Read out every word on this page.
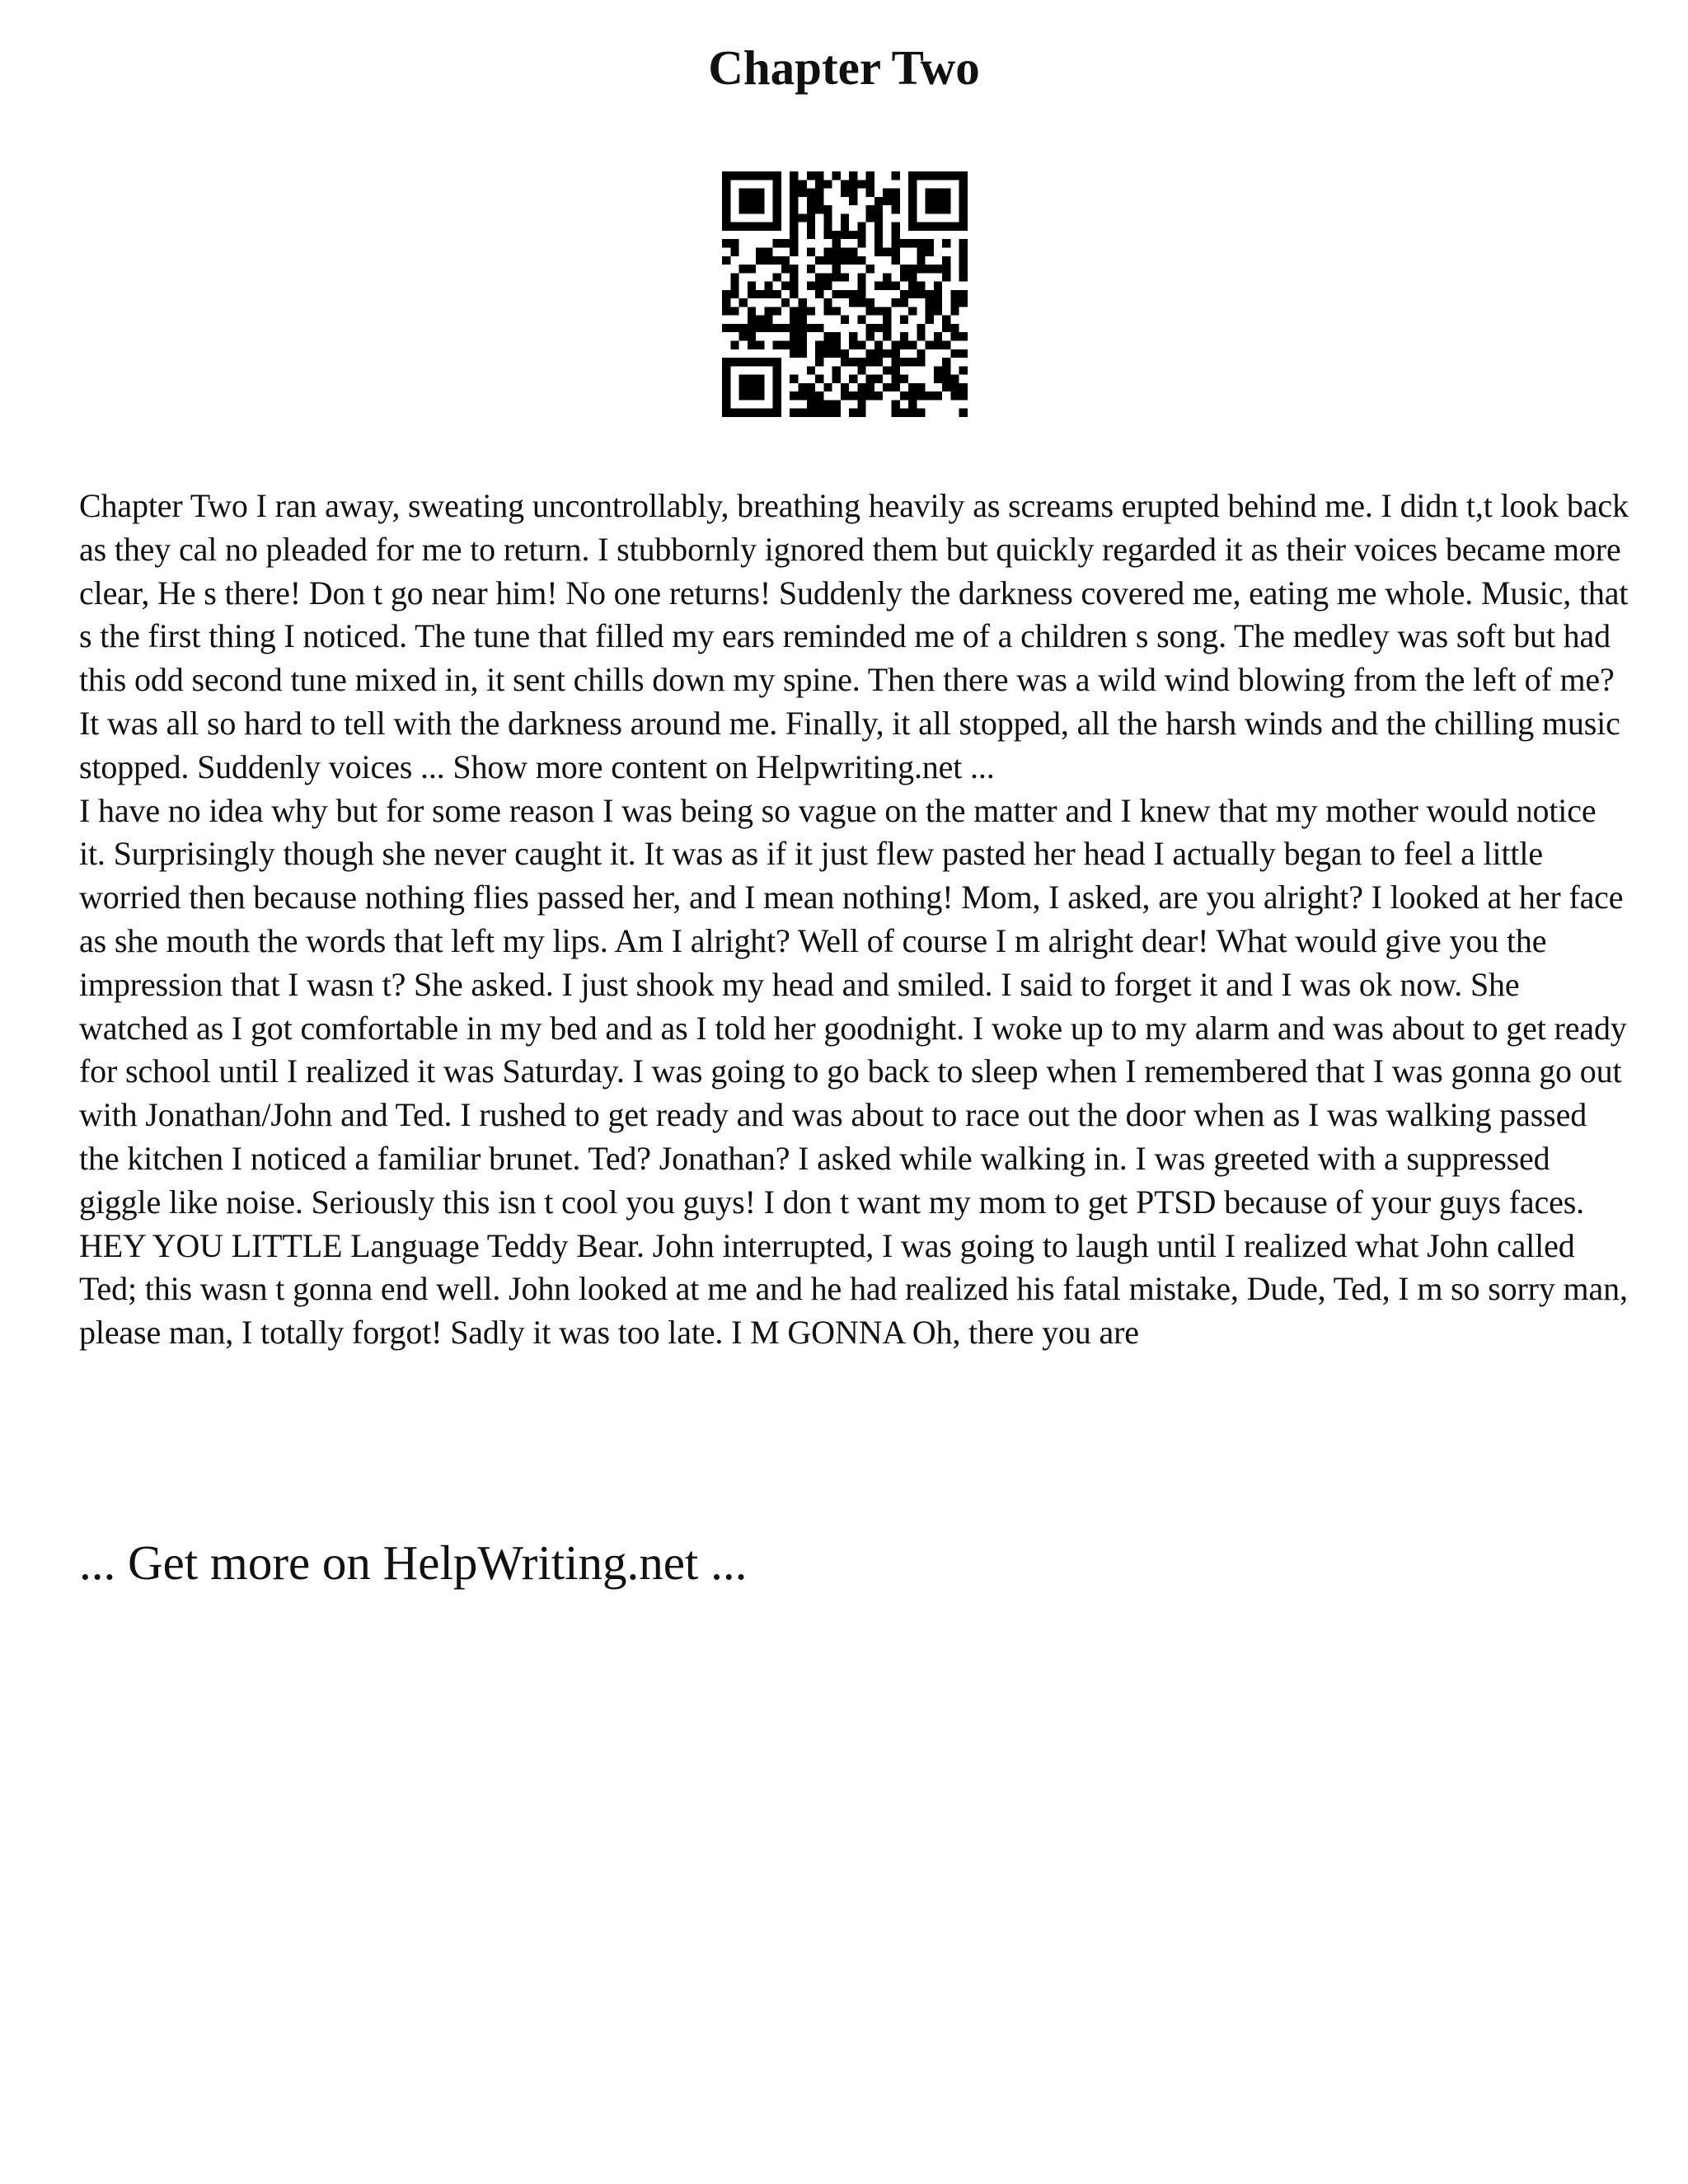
Chapter Two

Chapter Two I ran away, sweating uncontrollably, breathing heavily as screams erupted behind me. I didn t,t look back as they cal no pleaded for me to return. I stubbornly ignored them but quickly regarded it as their voices became more clear, He s there! Don t go near him! No one returns! Suddenly the darkness covered me, eating me whole. Music, that s the first thing I noticed. The tune that filled my ears reminded me of a children s song. The medley was soft but had this odd second tune mixed in, it sent chills down my spine. Then there was a wild wind blowing from the left of me? It was all so hard to tell with the darkness around me. Finally, it all stopped, all the harsh winds and the chilling music stopped. Suddenly voices ... Show more content on Helpwriting.net ...

I have no idea why but for some reason I was being so vague on the matter and I knew that my mother would notice it. Surprisingly though she never caught it. It was as if it just flew pasted her head I actually began to feel a little worried then because nothing flies passed her, and I mean nothing! Mom, I asked, are you alright? I looked at her face as she mouth the words that left my lips. Am I alright? Well of course I m alright dear! What would give you the impression that I wasn t? She asked. I just shook my head and smiled. I said to forget it and I was ok now. She watched as I got comfortable in my bed and as I told her goodnight. I woke up to my alarm and was about to get ready for school until I realized it was Saturday. I was going to go back to sleep when I remembered that I was gonna go out with Jonathan/John and Ted. I rushed to get ready and was about to race out the door when as I was walking passed the kitchen I noticed a familiar brunet. Ted? Jonathan? I asked while walking in. I was greeted with a suppressed giggle like noise. Seriously this isn t cool you guys! I don t want my mom to get PTSD because of your guys faces. HEY YOU LITTLE Language Teddy Bear. John interrupted, I was going to laugh until I realized what John called Ted; this wasn t gonna end well. John looked at me and he had realized his fatal mistake, Dude, Ted, I m so sorry man, please man, I totally forgot! Sadly it was too late. I M GONNA Oh, there you are

... Get more on HelpWriting.net ...
